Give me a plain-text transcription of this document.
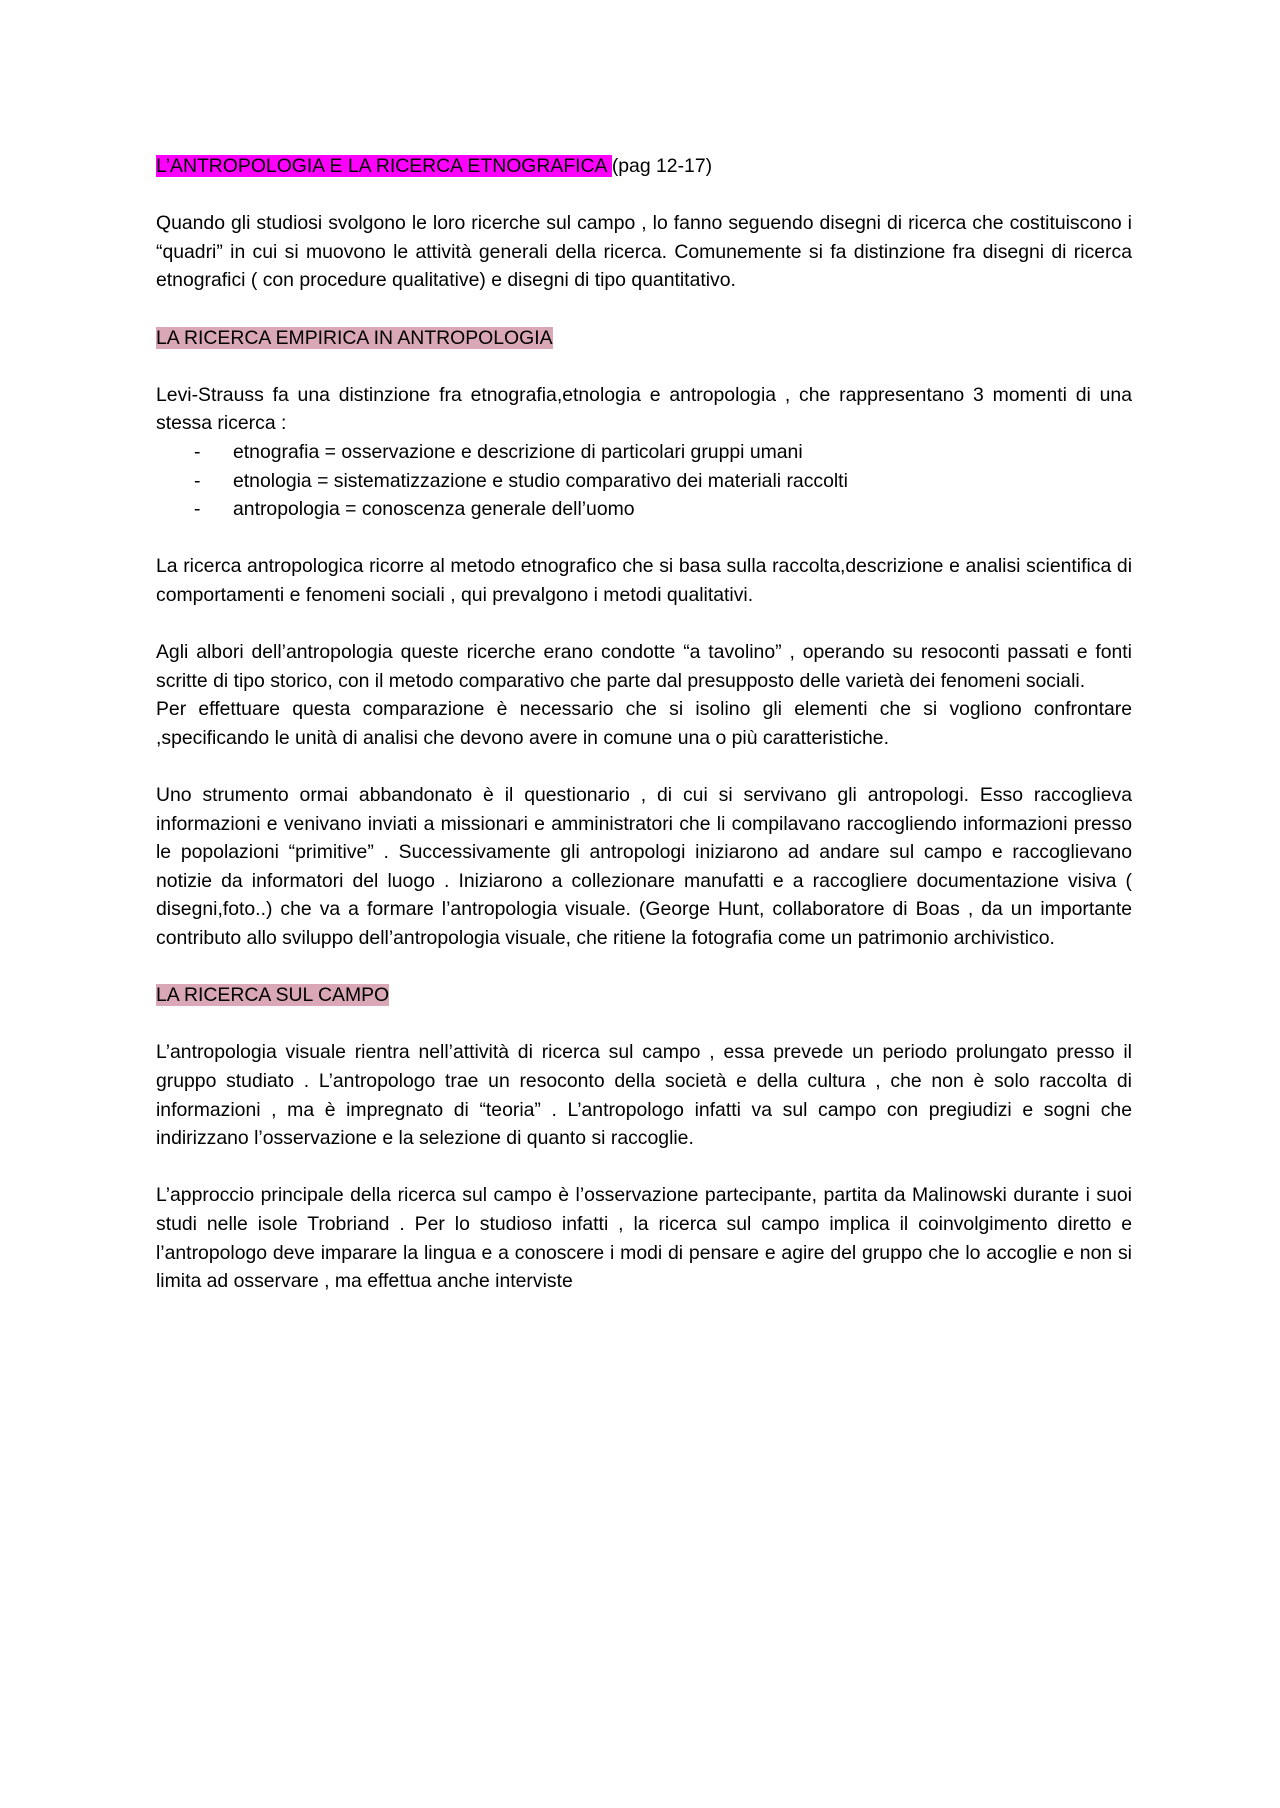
L’ANTROPOLOGIA E LA RICERCA ETNOGRAFICA (pag 12-17)

Quando gli studiosi svolgono le loro ricerche sul campo , lo fanno seguendo disegni di ricerca che costituiscono i “quadri” in cui si muovono le attività generali della ricerca. Comunemente si fa distinzione fra disegni di ricerca etnografici ( con procedure qualitative) e disegni di tipo quantitativo.

LA RICERCA EMPIRICA IN ANTROPOLOGIA

Levi-Strauss fa una distinzione fra etnografia,etnologia e antropologia , che rappresentano 3 momenti di una stessa ricerca :

- etnografia = osservazione e descrizione di particolari gruppi umani
- etnologia = sistematizzazione e studio comparativo dei materiali raccolti
- antropologia = conoscenza generale dell’uomo

La ricerca antropologica ricorre al metodo etnografico che si basa sulla raccolta,descrizione e analisi scientifica di comportamenti e fenomeni sociali , qui prevalgono i metodi qualitativi.

Agli albori dell’antropologia queste ricerche erano condotte “a tavolino” , operando su resoconti passati e fonti scritte di tipo storico, con il metodo comparativo che parte dal presupposto delle varietà dei fenomeni sociali.

Per effettuare questa comparazione è necessario che si isolino gli elementi che si vogliono confrontare ,specificando le unità di analisi che devono avere in comune una o più caratteristiche.

Uno strumento ormai abbandonato è il questionario , di cui si servivano gli antropologi. Esso raccoglieva informazioni e venivano inviati a missionari e amministratori che li compilavano raccogliendo informazioni presso le popolazioni “primitive” . Successivamente gli antropologi iniziarono ad andare sul campo e raccoglievano notizie da informatori del luogo . Iniziarono a collezionare manufatti e a raccogliere documentazione visiva ( disegni,foto..) che va a formare l’antropologia visuale. (George Hunt, collaboratore di Boas , da un importante contributo allo sviluppo dell’antropologia visuale, che ritiene la fotografia come un patrimonio archivistico.

LA RICERCA SUL CAMPO

L’antropologia visuale rientra nell’attività di ricerca sul campo , essa prevede un periodo prolungato presso il gruppo studiato . L’antropologo trae un resoconto della società e della cultura , che non è solo raccolta di informazioni , ma è impregnato di “teoria” . L’antropologo infatti va sul campo con pregiudizi e sogni che indirizzano l’osservazione e la selezione di quanto si raccoglie.

L’approccio principale della ricerca sul campo è l’osservazione partecipante, partita da Malinowski durante i suoi studi nelle isole Trobriand . Per lo studioso infatti , la ricerca sul campo implica il coinvolgimento diretto e l’antropologo deve imparare la lingua e a conoscere i modi di pensare e agire del gruppo che lo accoglie e non si limita ad osservare , ma effettua anche interviste
